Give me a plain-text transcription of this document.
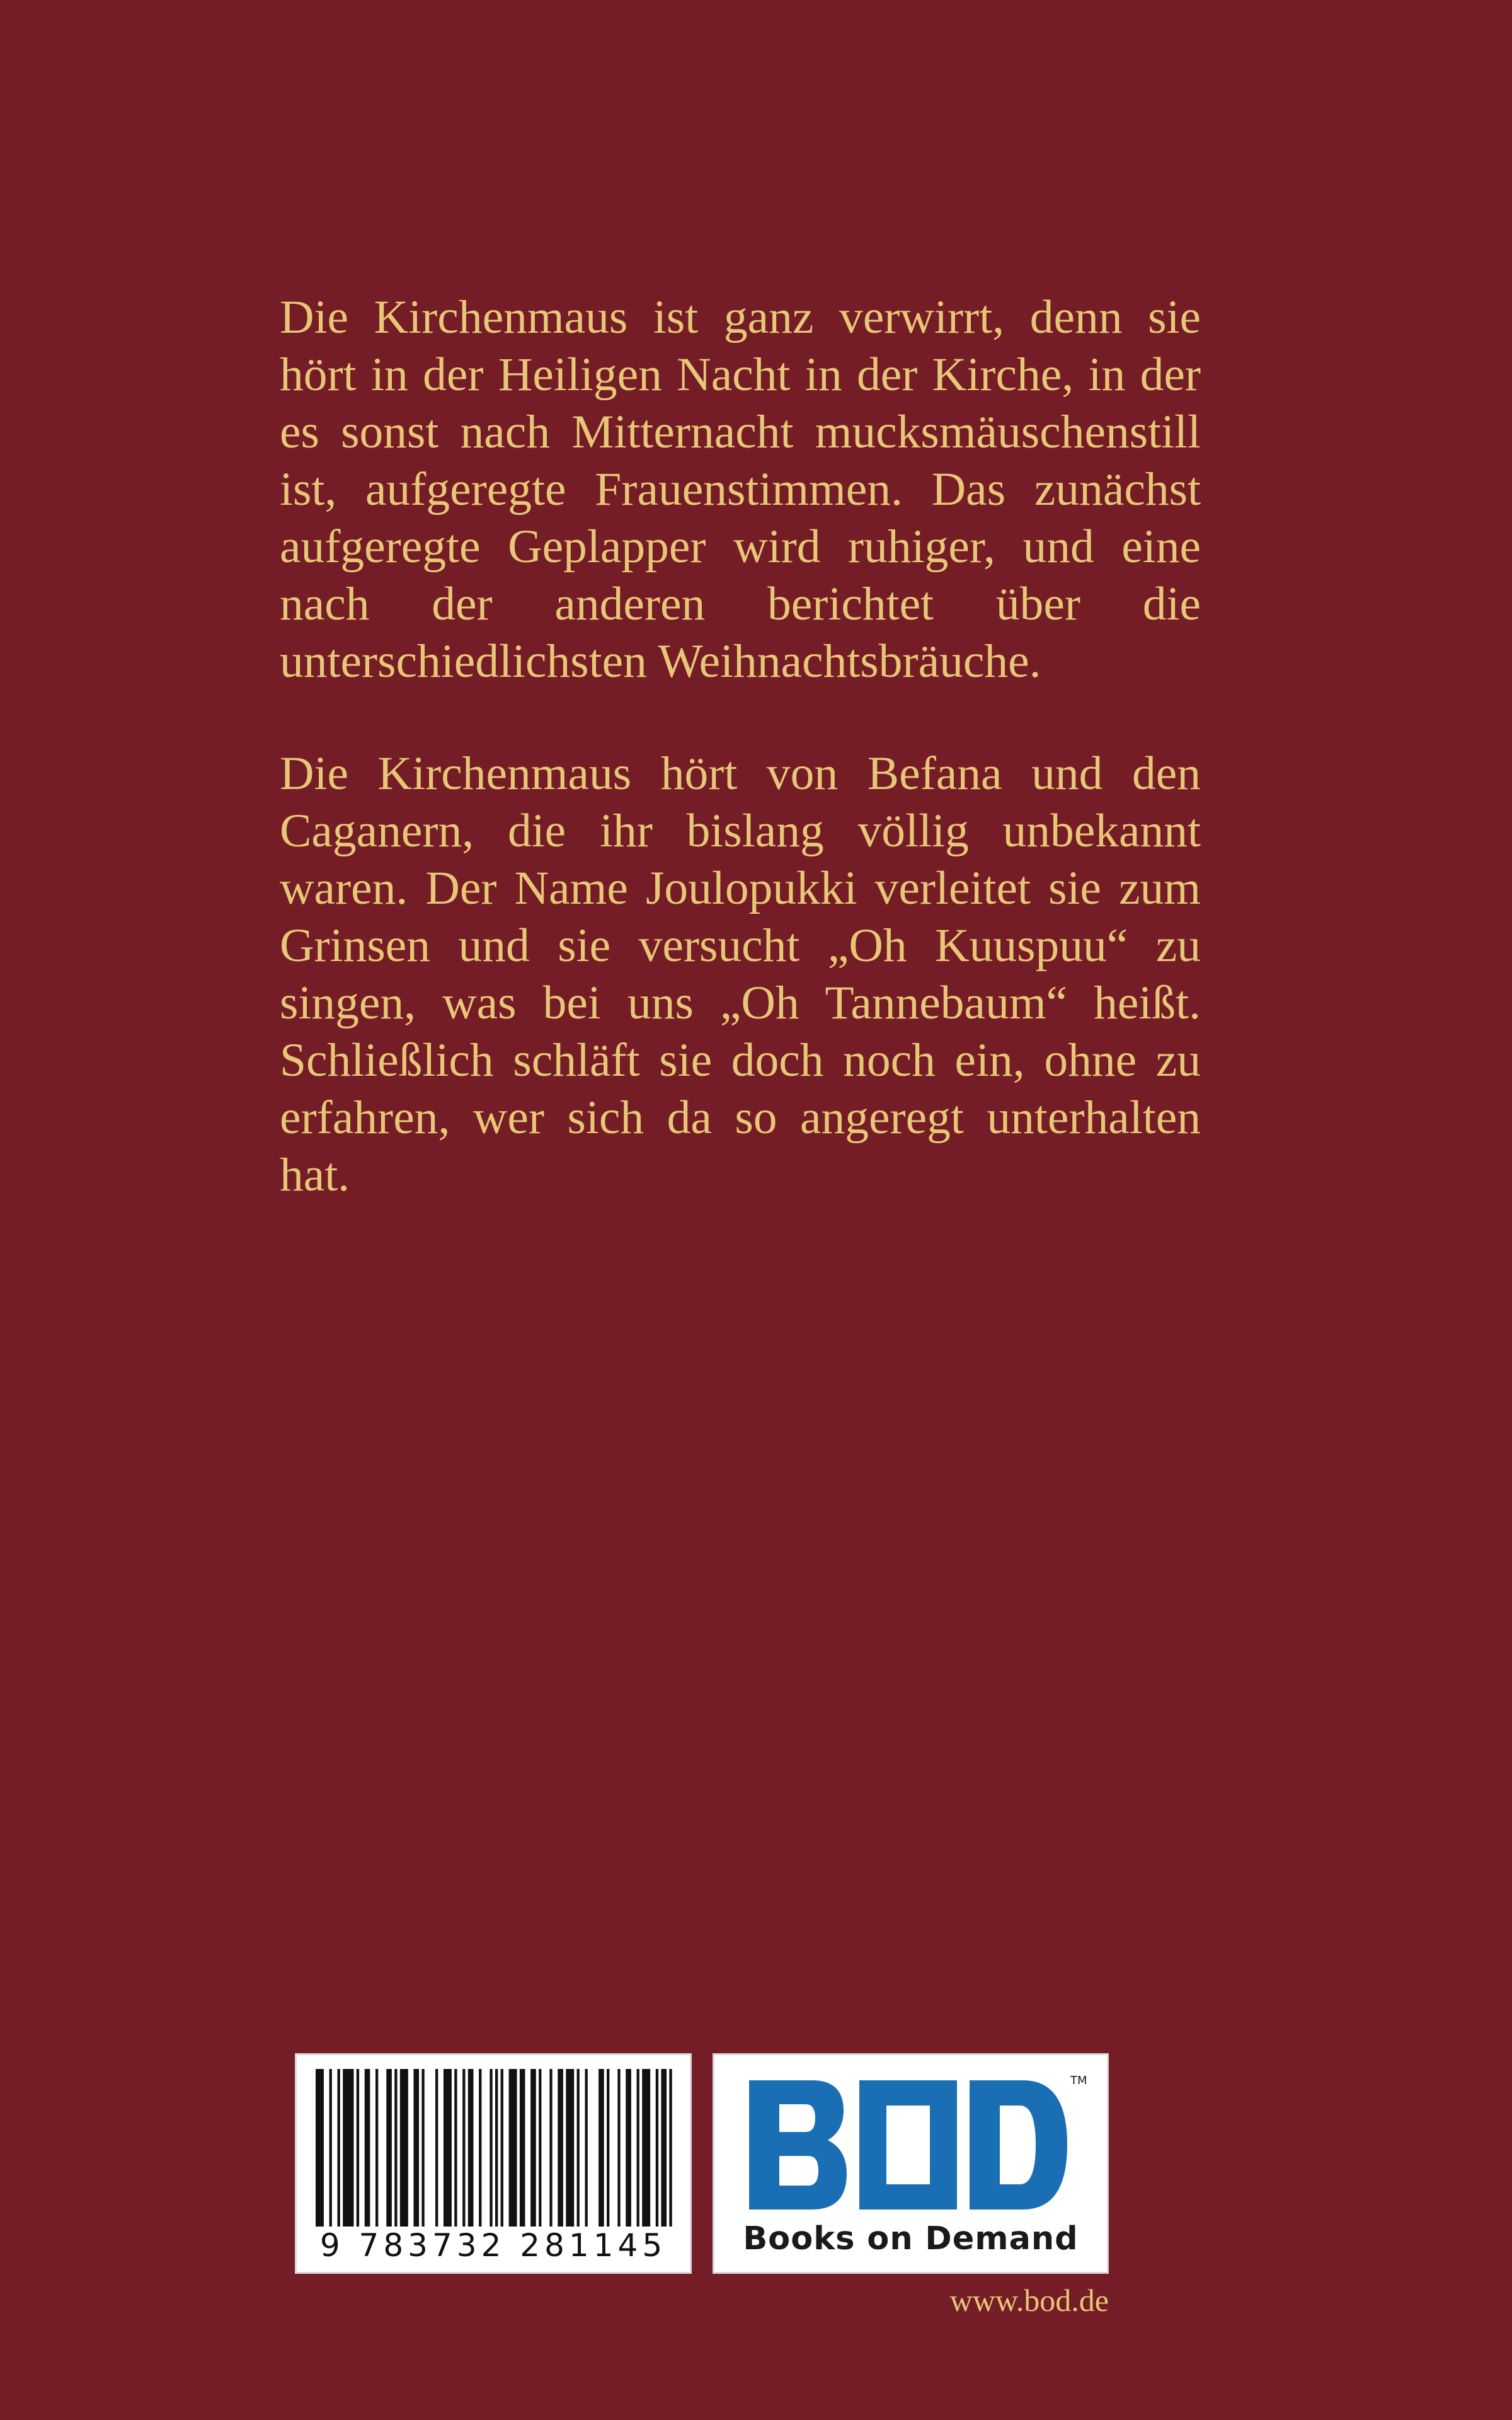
Die Kirchenmaus ist ganz verwirrt, denn sie hört in der Heiligen Nacht in der Kirche, in der es sonst nach Mitternacht mucksmäuschenstill ist, aufgeregte Frauenstimmen. Das zunächst aufgeregte Geplapper wird ruhiger, und eine nach der anderen berichtet über die unterschiedlichsten Weihnachtsbräuche.

Die Kirchenmaus hört von Befana und den Caganern, die ihr bislang völlig unbekannt waren. Der Name Joulopukki verleitet sie zum Grinsen und sie versucht „Oh Kuuspuu“ zu singen, was bei uns „Oh Tannebaum“ heißt. Schließlich schläft sie doch noch ein, ohne zu erfahren, wer sich da so angeregt unterhalten hat.

9 783732 281145
TM
Books on Demand
www.bod.de
